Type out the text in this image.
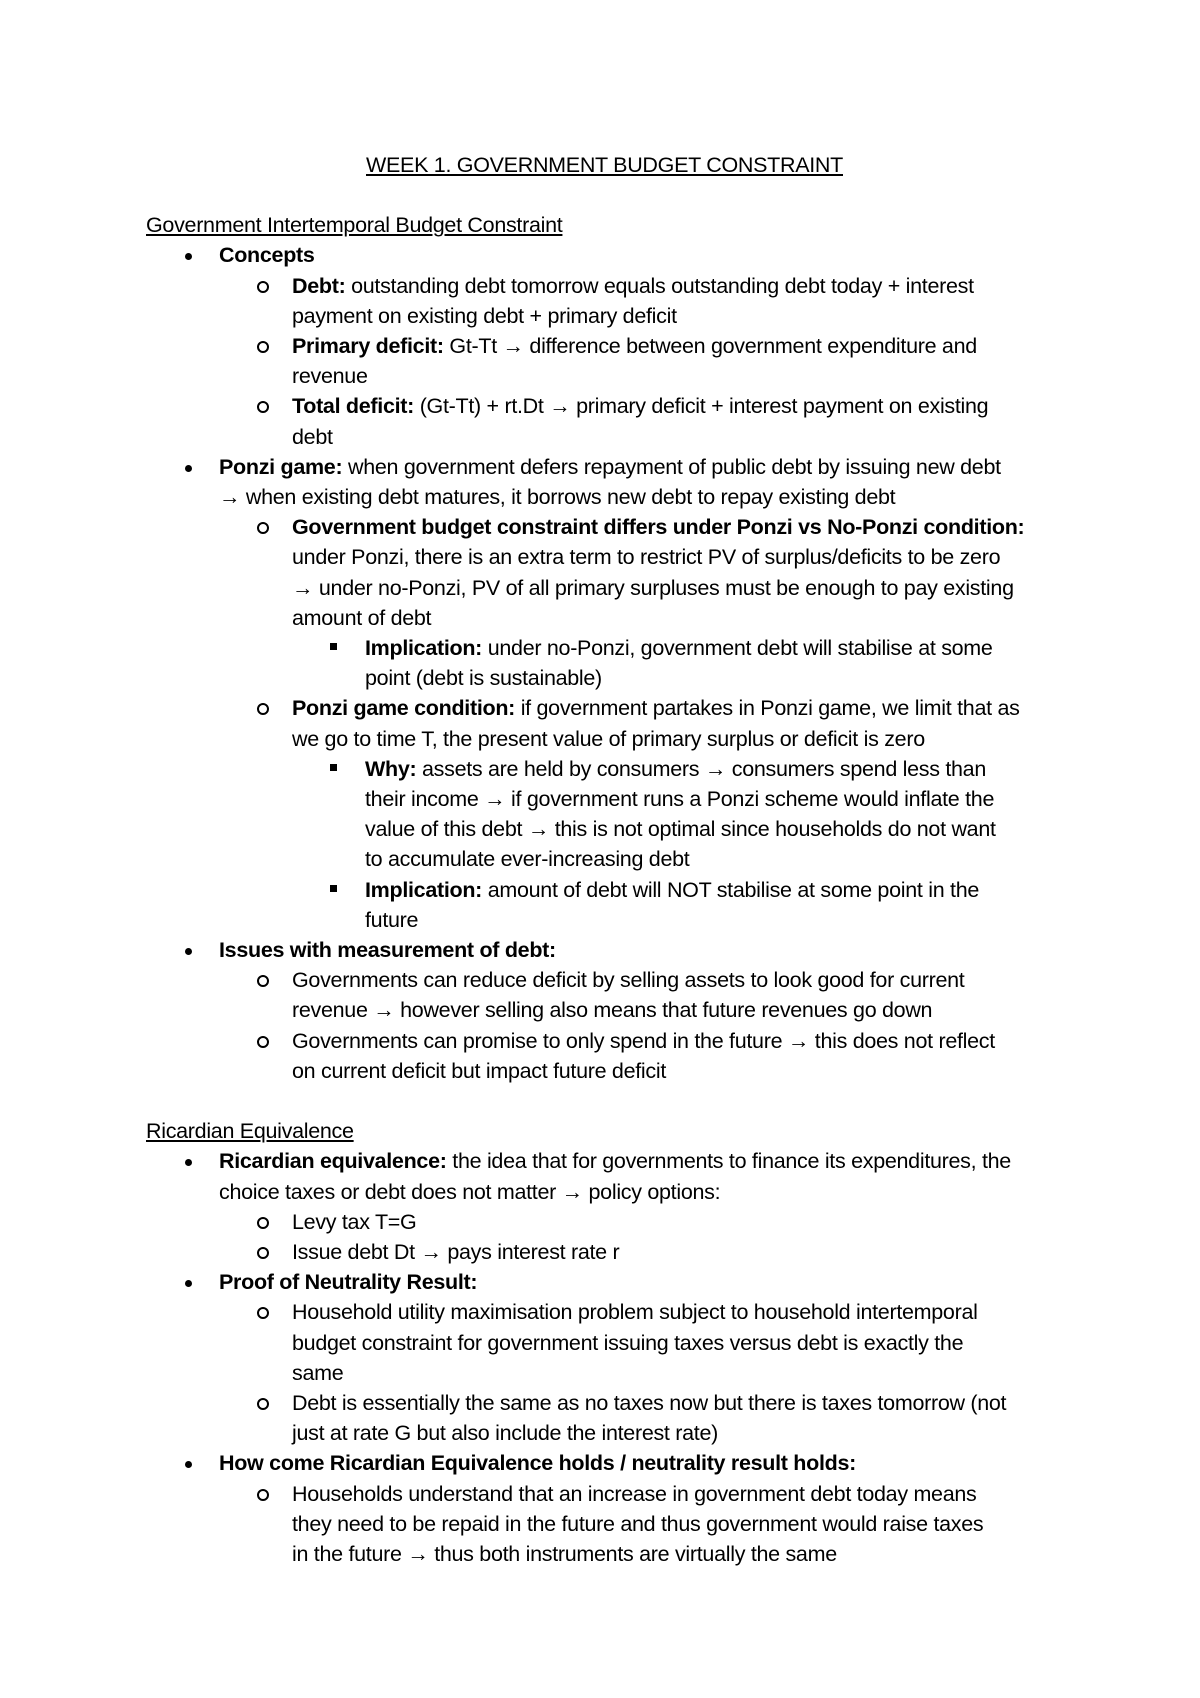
WEEK 1. GOVERNMENT BUDGET CONSTRAINT
Government Intertemporal Budget Constraint
Concepts
Debt: outstanding debt tomorrow equals outstanding debt today + interest
payment on existing debt + primary deficit
Primary deficit: Gt-Tt → difference between government expenditure and
revenue
Total deficit: (Gt-Tt) + rt.Dt → primary deficit + interest payment on existing
debt
Ponzi game: when government defers repayment of public debt by issuing new debt
→ when existing debt matures, it borrows new debt to repay existing debt
Government budget constraint differs under Ponzi vs No-Ponzi condition:
under Ponzi, there is an extra term to restrict PV of surplus/deficits to be zero
→ under no-Ponzi, PV of all primary surpluses must be enough to pay existing
amount of debt
Implication: under no-Ponzi, government debt will stabilise at some
point (debt is sustainable)
Ponzi game condition: if government partakes in Ponzi game, we limit that as
we go to time T, the present value of primary surplus or deficit is zero
Why: assets are held by consumers → consumers spend less than
their income → if government runs a Ponzi scheme would inflate the
value of this debt → this is not optimal since households do not want
to accumulate ever-increasing debt
Implication: amount of debt will NOT stabilise at some point in the
future
Issues with measurement of debt:
Governments can reduce deficit by selling assets to look good for current
revenue → however selling also means that future revenues go down
Governments can promise to only spend in the future → this does not reflect
on current deficit but impact future deficit
Ricardian Equivalence
Ricardian equivalence: the idea that for governments to finance its expenditures, the
choice taxes or debt does not matter → policy options:
Levy tax T=G
Issue debt Dt → pays interest rate r
Proof of Neutrality Result:
Household utility maximisation problem subject to household intertemporal
budget constraint for government issuing taxes versus debt is exactly the
same
Debt is essentially the same as no taxes now but there is taxes tomorrow (not
just at rate G but also include the interest rate)
How come Ricardian Equivalence holds / neutrality result holds:
Households understand that an increase in government debt today means
they need to be repaid in the future and thus government would raise taxes
in the future → thus both instruments are virtually the same
